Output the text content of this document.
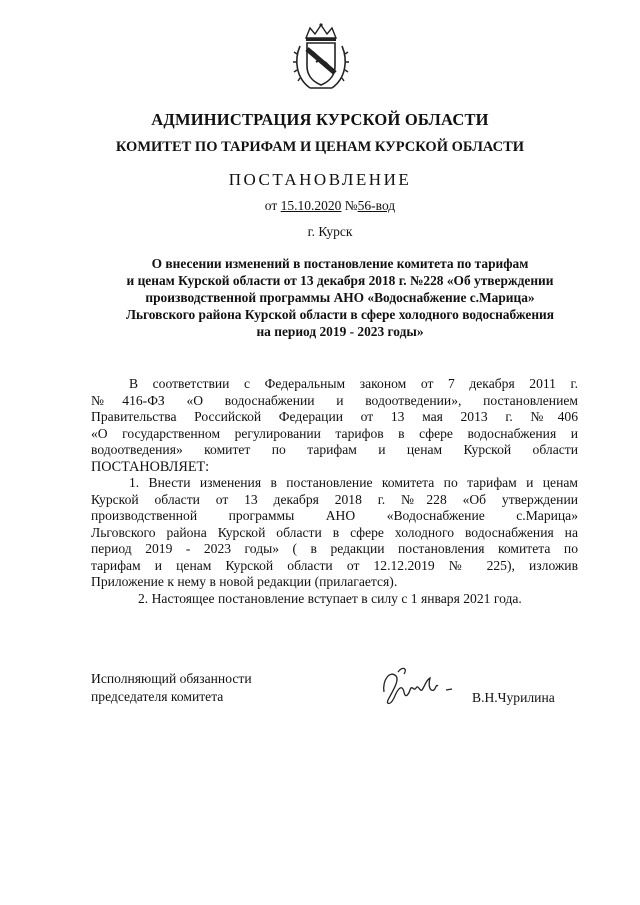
АДМИНИСТРАЦИЯ КУРСКОЙ ОБЛАСТИ
КОМИТЕТ ПО ТАРИФАМ И ЦЕНАМ КУРСКОЙ ОБЛАСТИ
ПОСТАНОВЛЕНИЕ
от 15.10.2020 №56-вод
г. Курск
О внесении изменений в постановление комитета по тарифам
и ценам Курской области от 13 декабря 2018 г. №228 «Об утверждении
производственной программы АНО «Водоснабжение с.Марица»
Льговского района Курской области в сфере холодного водоснабжения
на период 2019 - 2023 годы»
В соответствии с Федеральным законом от 7 декабря 2011 г.
№416-ФЗ «О водоснабжении и водоотведении», постановлением
Правительства Российской Федерации от 13 мая 2013 г. №406
«О государственном регулировании тарифов в сфере водоснабжения и
водоотведения» комитет по тарифам и ценам Курской области
ПОСТАНОВЛЯЕТ:
1. Внести изменения в постановление комитета по тарифам и ценам
Курской области от 13 декабря 2018 г. №228 «Об утверждении
производственной программы АНО «Водоснабжение с.Марица»
Льговского района Курской области в сфере холодного водоснабжения на
период 2019 - 2023 годы» ( в редакции постановления комитета по
тарифам и ценам Курской области от 12.12.2019 № 225), изложив
Приложение к нему в новой редакции (прилагается).
2. Настоящее постановление вступает в силу с 1 января 2021 года.
Исполняющий обязанности
председателя комитета	В.Н.Чурилина
